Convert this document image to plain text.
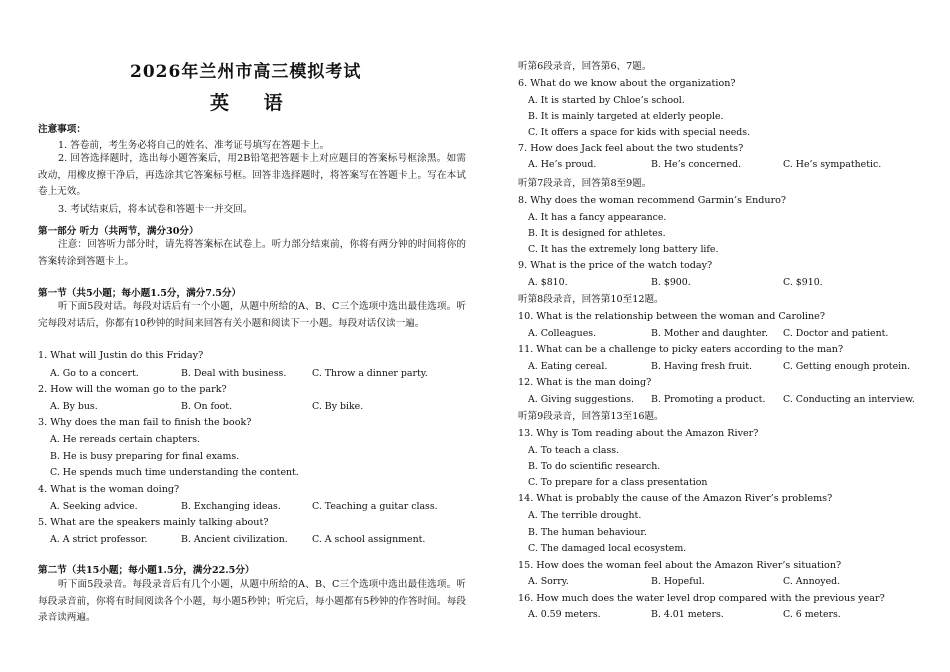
2026年兰州市高三模拟考试
英 语
注意事项：
1. 答卷前，考生务必将自己的姓名、准考证号填写在答题卡上。
2. 回答选择题时，选出每小题答案后，用2B铅笔把答题卡上对应题目的答案标号框涂黑。如需改动，用橡皮擦干净后，再选涂其它答案标号框。回答非选择题时，将答案写在答题卡上。写在本试卷上无效。
3. 考试结束后，将本试卷和答题卡一并交回。
第一部分 听力（共两节，满分30分）
注意：回答听力部分时，请先将答案标在试卷上。听力部分结束前，你将有两分钟的时间将你的答案转涂到答题卡上。
第一节（共5小题；每小题1.5分，满分7.5分）
听下面5段对话。每段对话后有一个小题，从题中所给的A、B、C三个选项中选出最佳选项。听完每段对话后，你都有10秒钟的时间来回答有关小题和阅读下一小题。每段对话仅读一遍。
1. What will Justin do this Friday?
A. Go to a concert.	B. Deal with business.	C. Throw a dinner party.
2. How will the woman go to the park?
A. By bus.	B. On foot.	C. By bike.
3. Why does the man fail to finish the book?
A. He rereads certain chapters.
B. He is busy preparing for final exams.
C. He spends much time understanding the content.
4. What is the woman doing?
A. Seeking advice.	B. Exchanging ideas.	C. Teaching a guitar class.
5. What are the speakers mainly talking about?
A. A strict professor.	B. Ancient civilization.	C. A school assignment.
第二节（共15小题；每小题1.5分，满分22.5分）
听下面5段录音。每段录音后有几个小题，从题中所给的A、B、C三个选项中选出最佳选项。听每段录音前，你将有时间阅读各个小题，每小题5秒钟；听完后，每小题都有5秒钟的作答时间。每段录音读两遍。
听第6段录音，回答第6、7题。
6. What do we know about the organization?
A. It is started by Chloe’s school.
B. It is mainly targeted at elderly people.
C. It offers a space for kids with special needs.
7. How does Jack feel about the two students?
A. He’s proud.	B. He’s concerned.	C. He’s sympathetic.
听第7段录音，回答第8至9题。
8. Why does the woman recommend Garmin’s Enduro?
A. It has a fancy appearance.
B. It is designed for athletes.
C. It has the extremely long battery life.
9. What is the price of the watch today?
A. $810.	B. $900.	C. $910.
听第8段录音，回答第10至12题。
10. What is the relationship between the woman and Caroline?
A. Colleagues.	B. Mother and daughter. C. Doctor and patient.
11. What can be a challenge to picky eaters according to the man?
A. Eating cereal.	B. Having fresh fruit.	C. Getting enough protein.
12. What is the man doing?
A. Giving suggestions. B. Promoting a product. C. Conducting an interview.
听第9段录音，回答第13至16题。
13. Why is Tom reading about the Amazon River?
A. To teach a class.
B. To do scientific research.
C. To prepare for a class presentation
14. What is probably the cause of the Amazon River’s problems?
A. The terrible drought.
B. The human behaviour.
C. The damaged local ecosystem.
15. How does the woman feel about the Amazon River’s situation?
A. Sorry.	B. Hopeful.	C. Annoyed.
16. How much does the water level drop compared with the previous year?
A. 0.59 meters.	B. 4.01 meters.	C. 6 meters.
